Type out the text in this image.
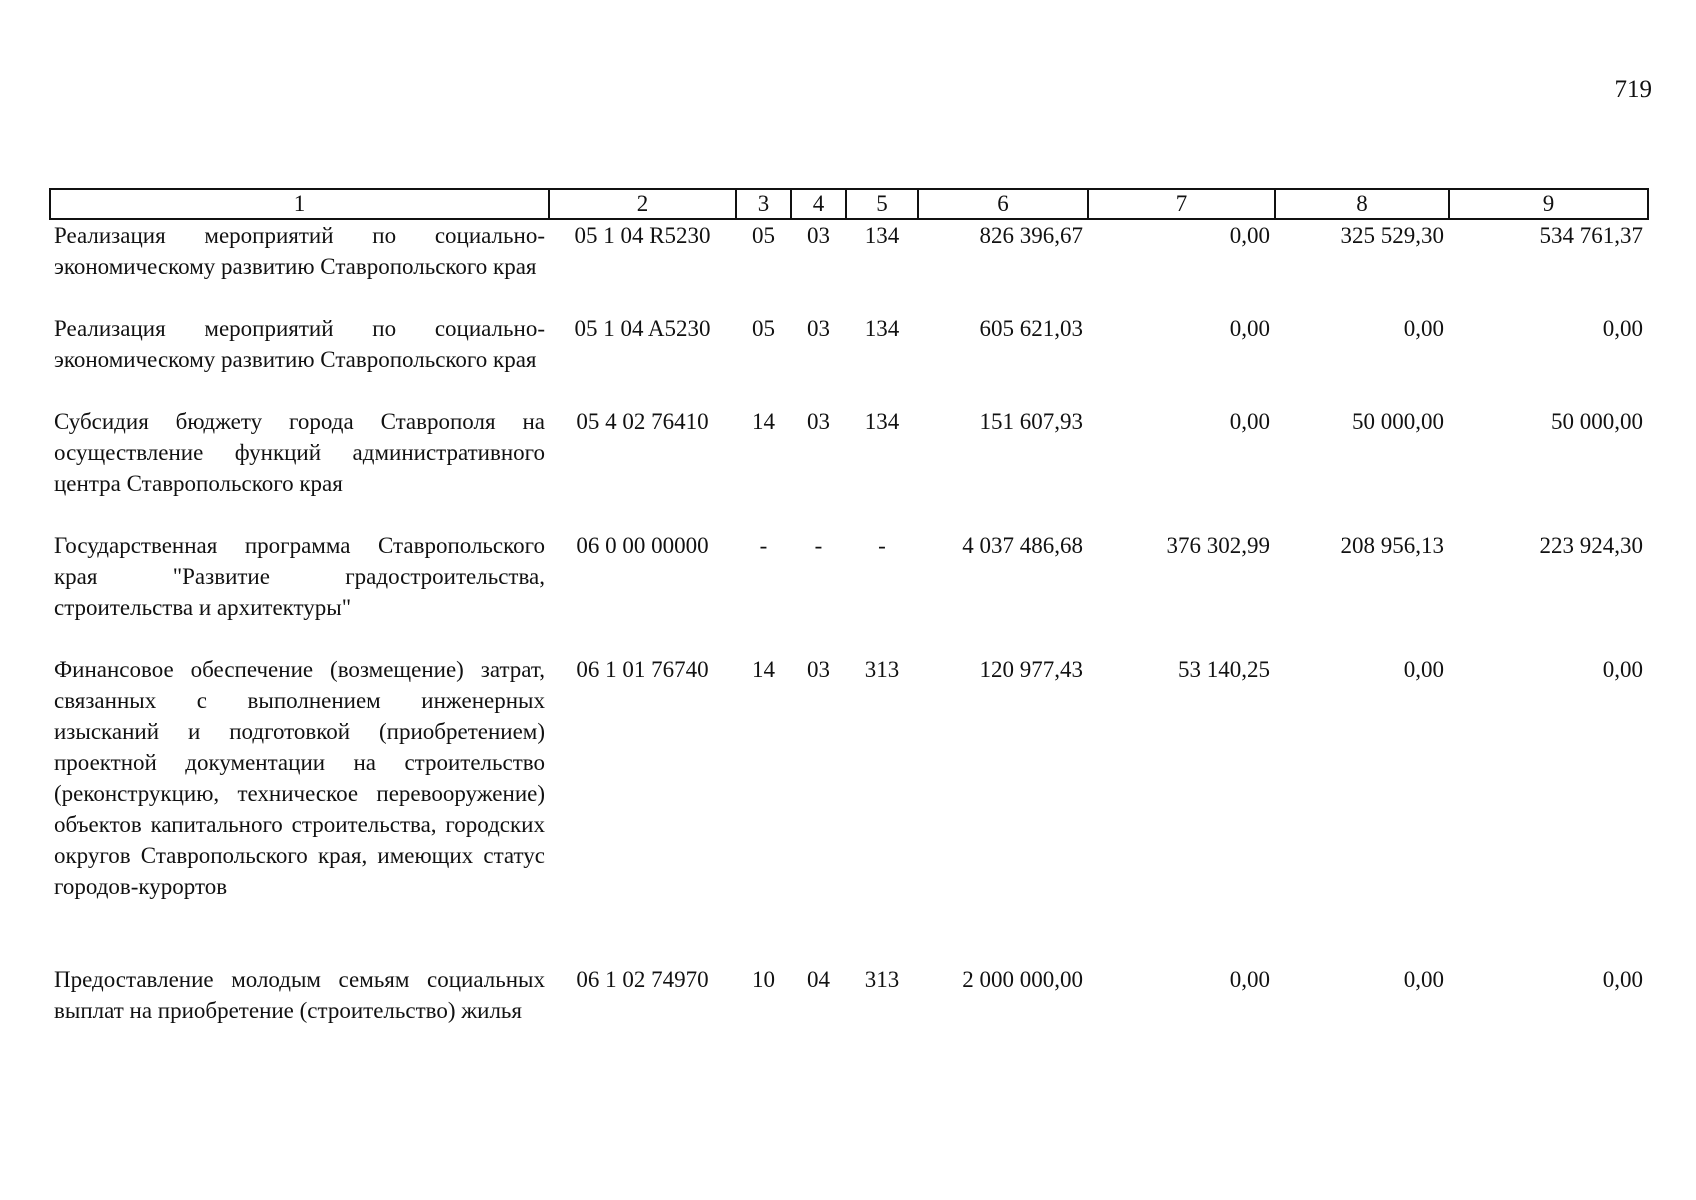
719
1	2	3	4	5	6	7	8	9
Реализация мероприятий по социально-экономическому развитию Ставропольского края	05 1 04 R5230	05	03	134	826 396,67	0,00	325 529,30	534 761,37
Реализация мероприятий по социально-экономическому развитию Ставропольского края	05 1 04 A5230	05	03	134	605 621,03	0,00	0,00	0,00
Субсидия бюджету города Ставрополя на осуществление функций административного центра Ставропольского края	05 4 02 76410	14	03	134	151 607,93	0,00	50 000,00	50 000,00
Государственная программа Ставропольского края "Развитие градостроительства, строительства и архитектуры"	06 0 00 00000	-	-	-	4 037 486,68	376 302,99	208 956,13	223 924,30
Финансовое обеспечение (возмещение) затрат, связанных с выполнением инженерных изысканий и подготовкой (приобретением) проектной документации на строительство (реконструкцию, техническое перевооружение) объектов капитального строительства, городских округов Ставропольского края, имеющих статус городов-курортов	06 1 01 76740	14	03	313	120 977,43	53 140,25	0,00	0,00
Предоставление молодым семьям социальных выплат на приобретение (строительство) жилья	06 1 02 74970	10	04	313	2 000 000,00	0,00	0,00	0,00
